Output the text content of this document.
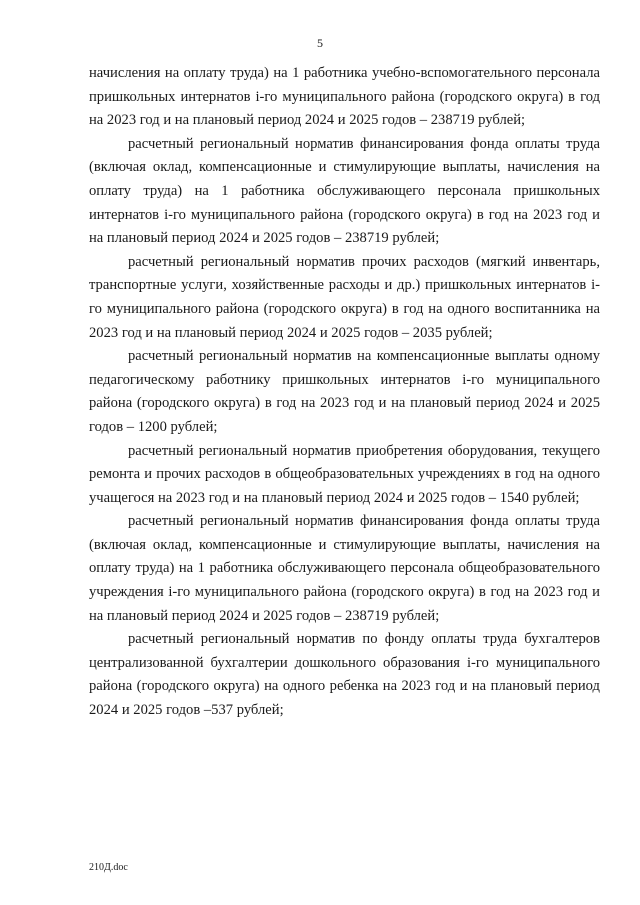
5

начисления на оплату труда) на 1 работника учебно-вспомогательного персонала пришкольных интернатов i-го муниципального района (городского округа) в год на 2023 год и на плановый период 2024 и 2025 годов – 238719 рублей;

расчетный региональный норматив финансирования фонда оплаты труда (включая оклад, компенсационные и стимулирующие выплаты, начисления на оплату труда) на 1 работника обслуживающего персонала пришкольных интернатов i-го муниципального района (городского округа) в год на 2023 год и на плановый период 2024 и 2025 годов – 238719 рублей;

расчетный региональный норматив прочих расходов (мягкий инвентарь, транспортные услуги, хозяйственные расходы и др.) пришкольных интернатов i-го муниципального района (городского округа) в год на одного воспитанника на 2023 год и на плановый период 2024 и 2025 годов – 2035 рублей;

расчетный региональный норматив на компенсационные выплаты одному педагогическому работнику пришкольных интернатов i-го муниципального района (городского округа) в год на 2023 год и на плановый период 2024 и 2025 годов – 1200 рублей;

расчетный региональный норматив приобретения оборудования, текущего ремонта и прочих расходов в общеобразовательных учреждениях в год на одного учащегося на 2023 год и на плановый период 2024 и 2025 годов – 1540 рублей;

расчетный региональный норматив финансирования фонда оплаты труда (включая оклад, компенсационные и стимулирующие выплаты, начисления на оплату труда) на 1 работника обслуживающего персонала общеобразовательного учреждения i-го муниципального района (городского округа) в год на 2023 год и на плановый период 2024 и 2025 годов – 238719 рублей;

расчетный региональный норматив по фонду оплаты труда бухгалтеров централизованной бухгалтерии дошкольного образования i-го муниципального района (городского округа) на одного ребенка на 2023 год и на плановый период 2024 и 2025 годов –537 рублей;

210Д.doc
